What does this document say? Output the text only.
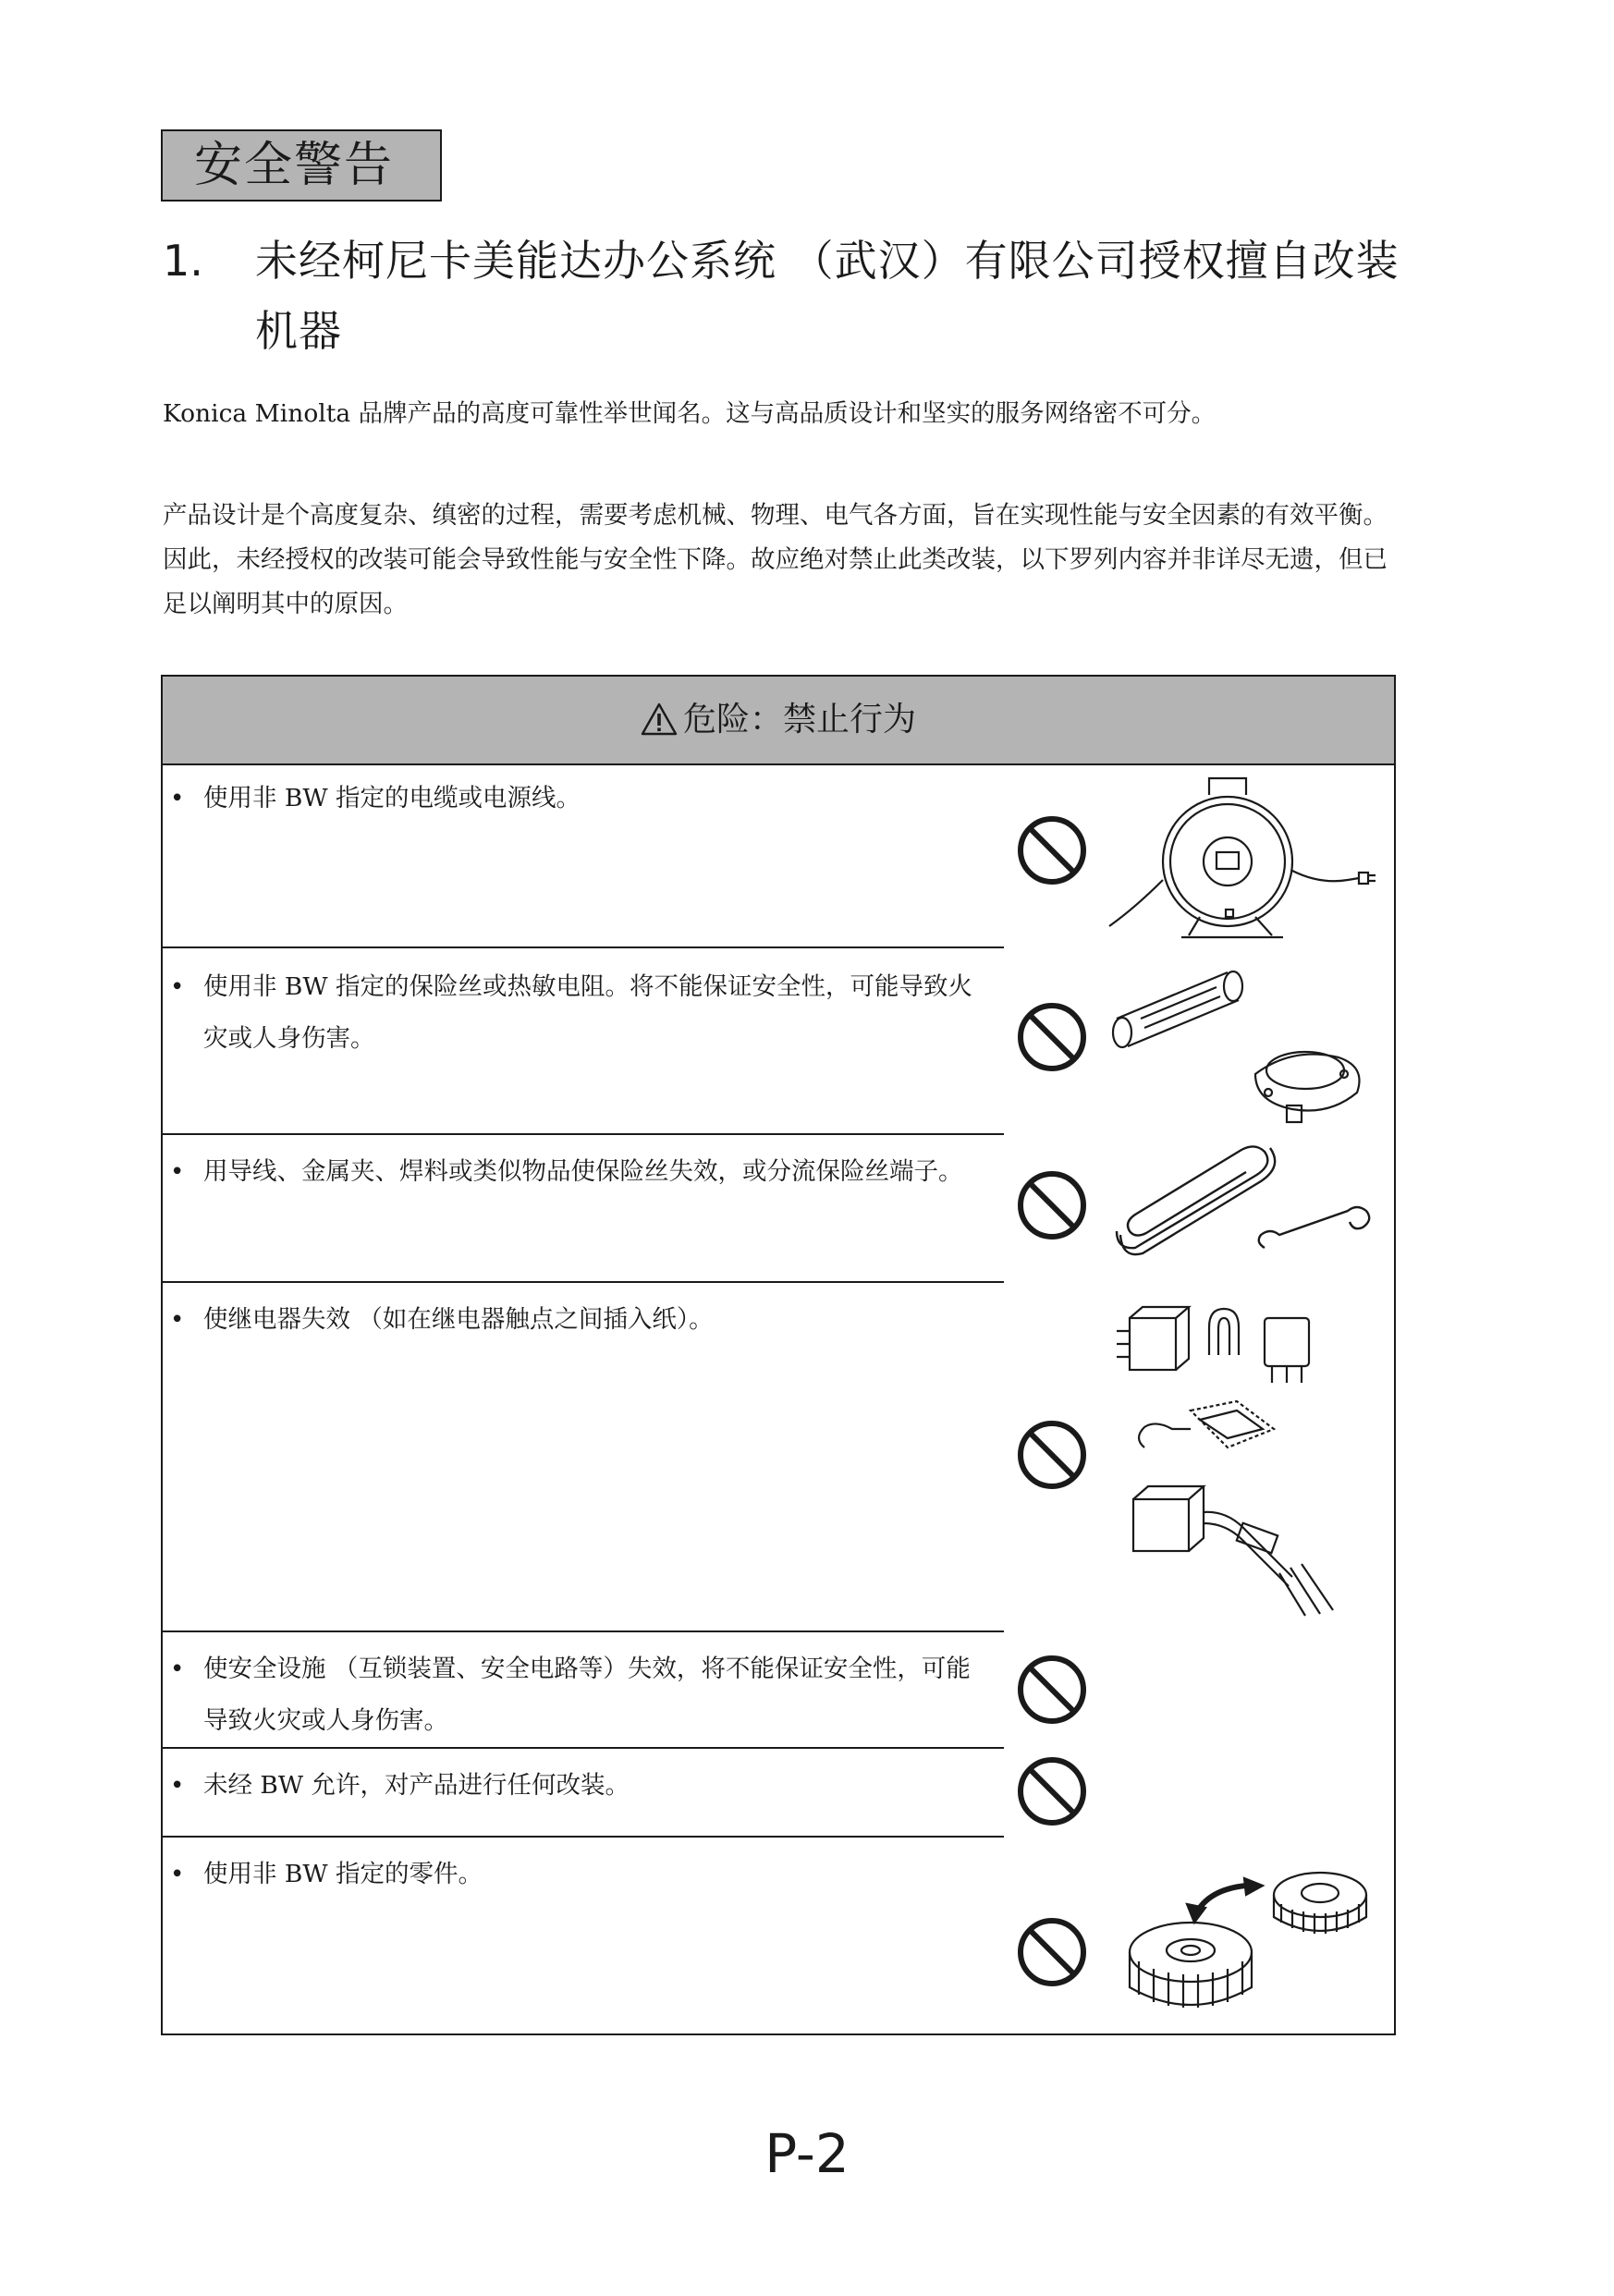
安全警告
1. 未经柯尼卡美能达办公系统 （武汉）有限公司授权擅自改装机器
Konica Minolta 品牌产品的高度可靠性举世闻名。这与高品质设计和坚实的服务网络密不可分。
产品设计是个高度复杂、缜密的过程，需要考虑机械、物理、电气各方面，旨在实现性能与安全因素的有效平衡。因此，未经授权的改装可能会导致性能与安全性下降。故应绝对禁止此类改装，以下罗列内容并非详尽无遗，但已足以阐明其中的原因。
危险：禁止行为
• 使用非 BW 指定的电缆或电源线。
• 使用非 BW 指定的保险丝或热敏电阻。将不能保证安全性，可能导致火灾或人身伤害。
• 用导线、金属夹、焊料或类似物品使保险丝失效，或分流保险丝端子。
• 使继电器失效 （如在继电器触点之间插入纸）。
• 使安全设施 （互锁装置、安全电路等）失效，将不能保证安全性，可能导致火灾或人身伤害。
• 未经 BW 允许，对产品进行任何改装。
• 使用非 BW 指定的零件。
P-2
